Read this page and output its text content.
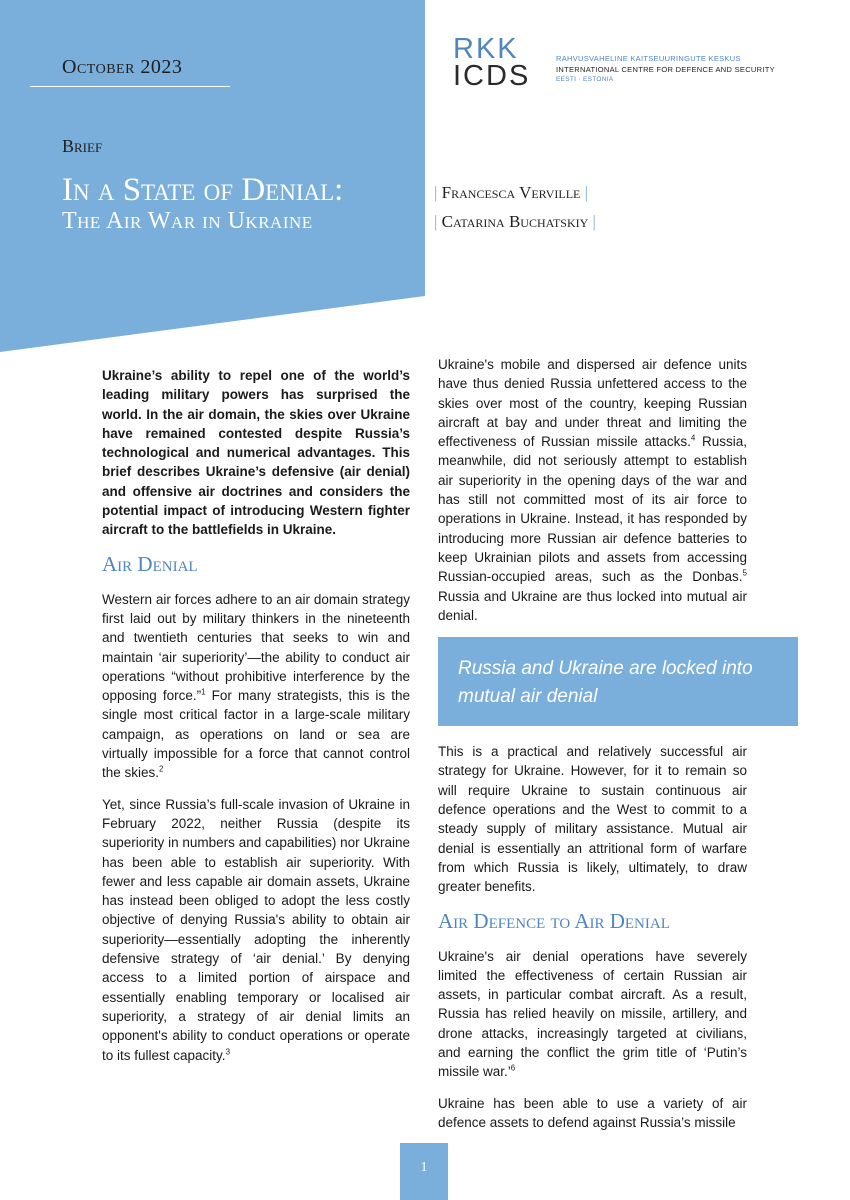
October 2023
Brief
In a State of Denial:
The Air War in Ukraine
RKK
ICDS
RAHVUSVAHELINE KAITSEUURINGUTE KESKUS
INTERNATIONAL CENTRE FOR DEFENCE AND SECURITY
EESTI · ESTONIA
| Francesca Verville |
| Catarina Buchatskiy |

Ukraine’s ability to repel one of the world’s leading military powers has surprised the world. In the air domain, the skies over Ukraine have remained contested despite Russia’s technological and numerical advantages. This brief describes Ukraine’s defensive (air denial) and offensive air doctrines and considers the potential impact of introducing Western fighter aircraft to the battlefields in Ukraine.

Air Denial

Western air forces adhere to an air domain strategy first laid out by military thinkers in the nineteenth and twentieth centuries that seeks to win and maintain ‘air superiority’—the ability to conduct air operations “without prohibitive interference by the opposing force.”$^1$ For many strategists, this is the single most critical factor in a large-scale military campaign, as operations on land or sea are virtually impossible for a force that cannot control the skies.$^2$

Yet, since Russia’s full-scale invasion of Ukraine in February 2022, neither Russia (despite its superiority in numbers and capabilities) nor Ukraine has been able to establish air superiority. With fewer and less capable air domain assets, Ukraine has instead been obliged to adopt the less costly objective of denying Russia's ability to obtain air superiority—essentially adopting the inherently defensive strategy of ‘air denial.’ By denying access to a limited portion of airspace and essentially enabling temporary or localised air superiority, a strategy of air denial limits an opponent's ability to conduct operations or operate to its fullest capacity.$^3$

Ukraine's mobile and dispersed air defence units have thus denied Russia unfettered access to the skies over most of the country, keeping Russian aircraft at bay and under threat and limiting the effectiveness of Russian missile attacks.$^4$ Russia, meanwhile, did not seriously attempt to establish air superiority in the opening days of the war and has still not committed most of its air force to operations in Ukraine. Instead, it has responded by introducing more Russian air defence batteries to keep Ukrainian pilots and assets from accessing Russian-occupied areas, such as the Donbas.$^5$ Russia and Ukraine are thus locked into mutual air denial.

Russia and Ukraine are locked into mutual air denial

This is a practical and relatively successful air strategy for Ukraine. However, for it to remain so will require Ukraine to sustain continuous air defence operations and the West to commit to a steady supply of military assistance. Mutual air denial is essentially an attritional form of warfare from which Russia is likely, ultimately, to draw greater benefits.

Air Defence to Air Denial

Ukraine's air denial operations have severely limited the effectiveness of certain Russian air assets, in particular combat aircraft. As a result, Russia has relied heavily on missile, artillery, and drone attacks, increasingly targeted at civilians, and earning the conflict the grim title of ‘Putin’s missile war.’$^6$

Ukraine has been able to use a variety of air defence assets to defend against Russia’s missile

1
